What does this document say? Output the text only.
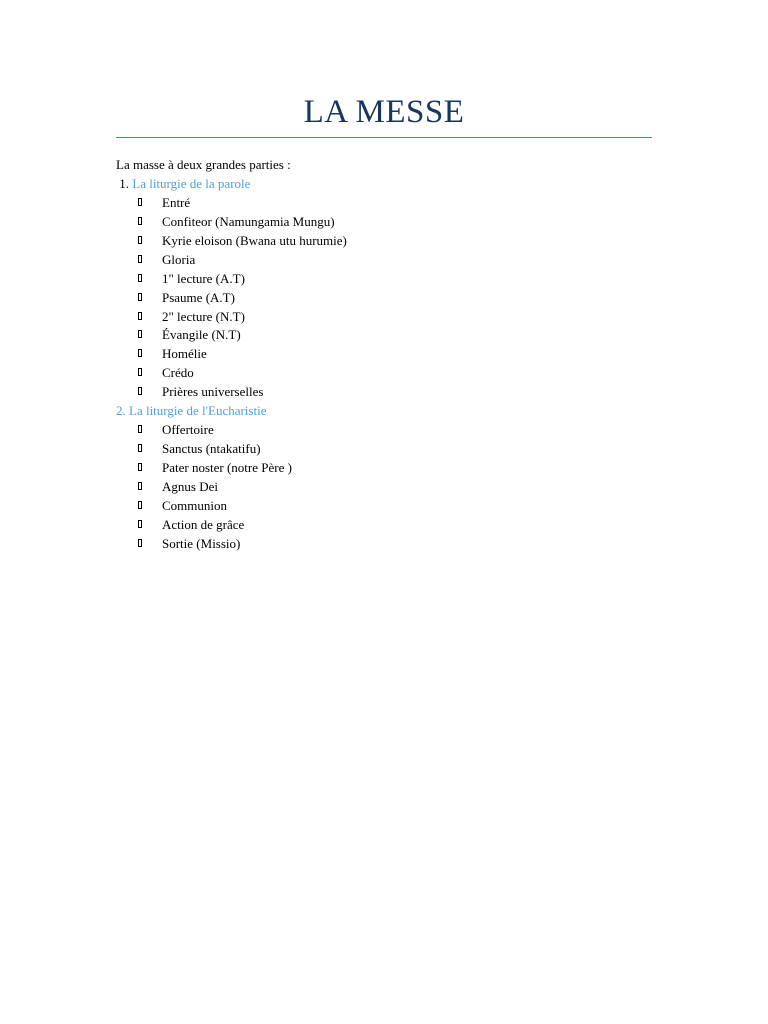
LA MESSE
La masse à deux grandes parties :
1. La liturgie de la parole
Entré
Confiteor (Namungamia Mungu)
Kyrie eloison (Bwana utu hurumie)
Gloria
1" lecture (A.T)
Psaume (A.T)
2" lecture (N.T)
Évangile (N.T)
Homélie
Crédo
Prières universelles
2. La liturgie de l'Eucharistie
Offertoire
Sanctus (ntakatifu)
Pater noster (notre Père )
Agnus Dei
Communion
Action de grâce
Sortie (Missio)
